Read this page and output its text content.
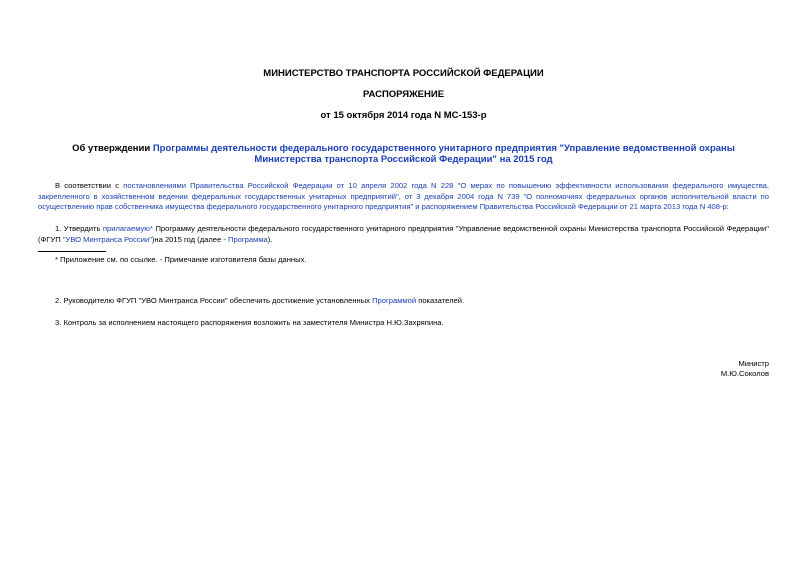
МИНИСТЕРСТВО ТРАНСПОРТА РОССИЙСКОЙ ФЕДЕРАЦИИ
РАСПОРЯЖЕНИЕ
от 15 октября 2014 года N МС-153-р
Об утверждении Программы деятельности федерального государственного унитарного предприятия "Управление ведомственной охраны Министерства транспорта Российской Федерации" на 2015 год
В соответствии с постановлениями Правительства Российской Федерации от 10 апреля 2002 года N 228 "О мерах по повышению эффективности использования федерального имущества, закрепленного в хозяйственном ведении федеральных государственных унитарных предприятий", от 3 декабря 2004 года N 739 "О полномочиях федеральных органов исполнительной власти по осуществлению прав собственника имущества федерального государственного унитарного предприятия" и распоряжением Правительства Российской Федерации от 21 марта 2013 года N 408-р:
1. Утвердить прилагаемую* Программу деятельности федерального государственного унитарного предприятия "Управление ведомственной охраны Министерства транспорта Российской Федерации" (ФГУП "УВО Минтранса России")на 2015 год (далее - Программа).
* Приложение см. по ссылке. - Примечание изготовителя базы данных.
2. Руководителю ФГУП "УВО Минтранса России" обеспечить достижение установленных Программой показателей.
3. Контроль за исполнением настоящего распоряжения возложить на заместителя Министра Н.Ю.Захряпина.
Министр
М.Ю.Соколов
